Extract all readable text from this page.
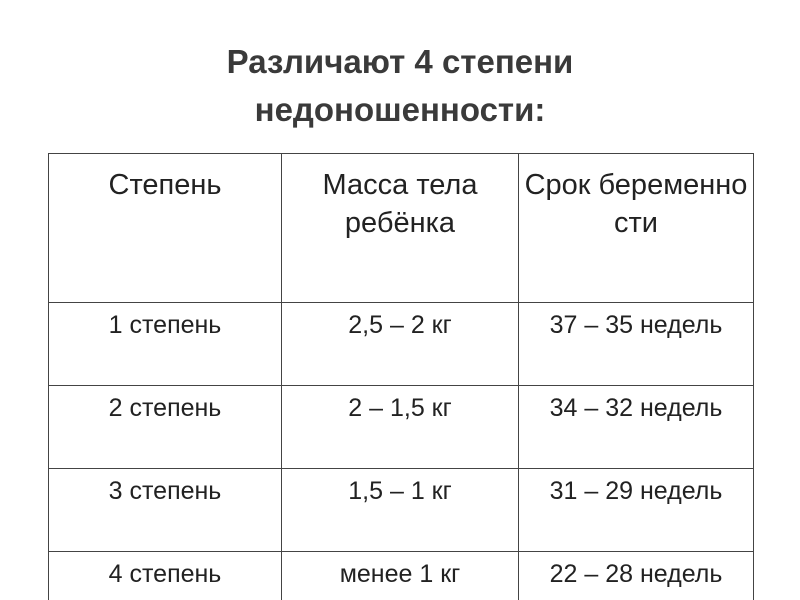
Различают 4 степени
недоношенности:
Степень	Масса тела ребёнка	Срок беременности
1 степень	2,5 – 2 кг	37 – 35 недель
2 степень	2 – 1,5 кг	34 – 32 недель
3 степень	1,5 – 1 кг	31 – 29 недель
4 степень	менее 1 кг	22 – 28 недель
